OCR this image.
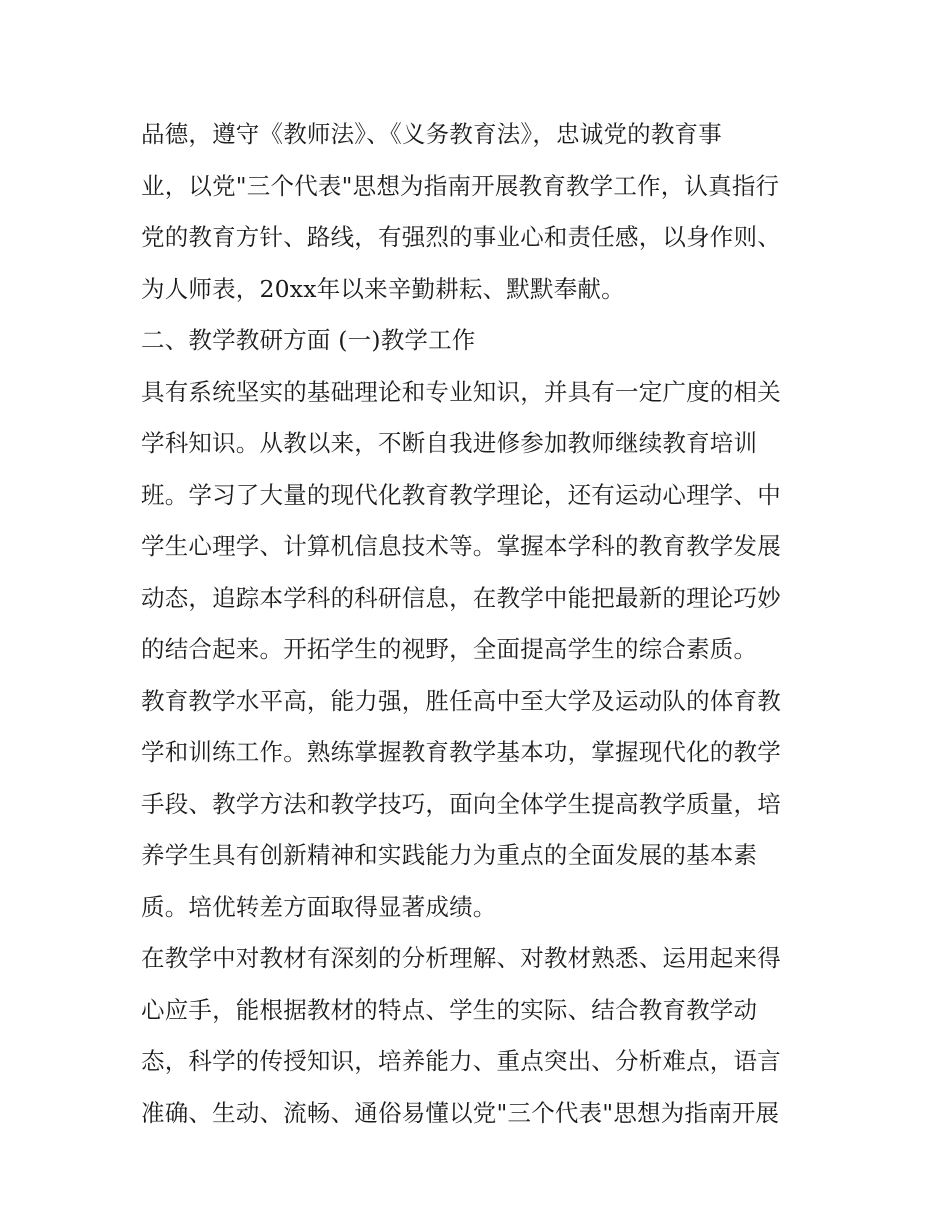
品德，遵守《教师法》、《义务教育法》，忠诚党的教育事
业，以党"三个代表"思想为指南开展教育教学工作，认真指行
党的教育方针、路线，有强烈的事业心和责任感，以身作则、
为人师表，20xx年以来辛勤耕耘、默默奉献。
二、教学教研方面 (一)教学工作
具有系统坚实的基础理论和专业知识，并具有一定广度的相关
学科知识。从教以来，不断自我进修参加教师继续教育培训
班。学习了大量的现代化教育教学理论，还有运动心理学、中
学生心理学、计算机信息技术等。掌握本学科的教育教学发展
动态，追踪本学科的科研信息，在教学中能把最新的理论巧妙
的结合起来。开拓学生的视野，全面提高学生的综合素质。
教育教学水平高，能力强，胜任高中至大学及运动队的体育教
学和训练工作。熟练掌握教育教学基本功，掌握现代化的教学
手段、教学方法和教学技巧，面向全体学生提高教学质量，培
养学生具有创新精神和实践能力为重点的全面发展的基本素
质。培优转差方面取得显著成绩。
在教学中对教材有深刻的分析理解、对教材熟悉、运用起来得
心应手，能根据教材的特点、学生的实际、结合教育教学动
态，科学的传授知识，培养能力、重点突出、分析难点，语言
准确、生动、流畅、通俗易懂以党"三个代表"思想为指南开展
